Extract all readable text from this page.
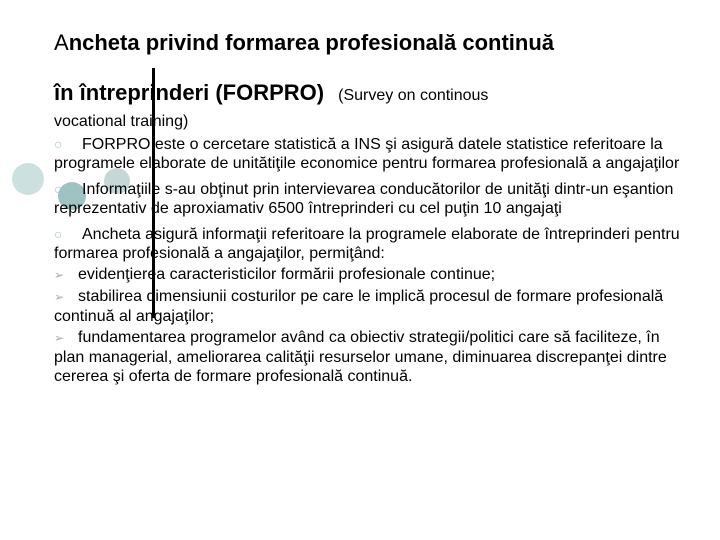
Ancheta privind formarea profesională continuă
în întreprinderi (FORPRO) (Survey on continous
vocational training)

○ FORPRO este o cercetare statistică a INS şi asigură datele statistice referitoare la programele elaborate de unitătiţile economice pentru formarea profesională a angajaţilor

○ Informaţiile s-au obţinut prin intervievarea conducătorilor de unităţi dintr-un eşantion reprezentativ de aproxiamativ 6500 întreprinderi cu cel puţin 10 angajaţi

○ Ancheta asigură informaţii referitoare la programele elaborate de întreprinderi pentru formarea profesională a angajaţilor, permiţând:

➢ evidenţierea caracteristicilor formării profesionale continue;

➢ stabilirea dimensiunii costurilor pe care le implică procesul de formare profesională continuă al angajaţilor;

➢ fundamentarea programelor având ca obiectiv strategii/politici care să faciliteze, în plan managerial, ameliorarea calităţii resurselor umane, diminuarea discrepanţei dintre cererea şi oferta de formare profesională continuă.
